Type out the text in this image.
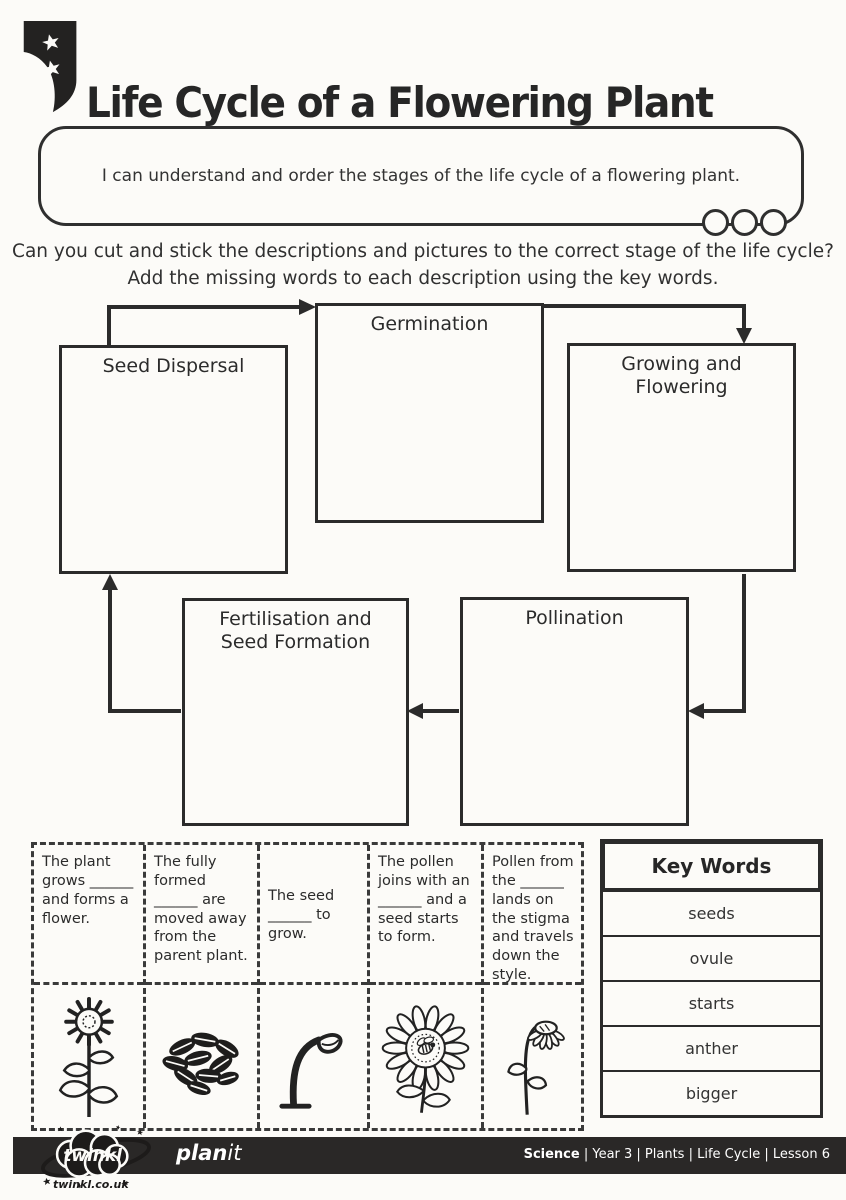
Life Cycle of a Flowering Plant
I can understand and order the stages of the life cycle of a flowering plant.
Can you cut and stick the descriptions and pictures to the correct stage of the life cycle?
Add the missing words to each description using the key words.
Germination
Seed Dispersal	Growing and Flowering
Fertilisation and Seed Formation
Pollination
The plant grows ______ and forms a flower.
The fully formed ______ are moved away from the parent plant.
The seed ______ to grow.
The pollen joins with an ______ and a seed starts to form.
Pollen from the ______ lands on the stigma and travels down the style.
Key Words
seeds
ovule
starts
anther
bigger
twinkl	planit	Science | Year 3 | Plants | Life Cycle | Lesson 6
twinkl.co.uk
